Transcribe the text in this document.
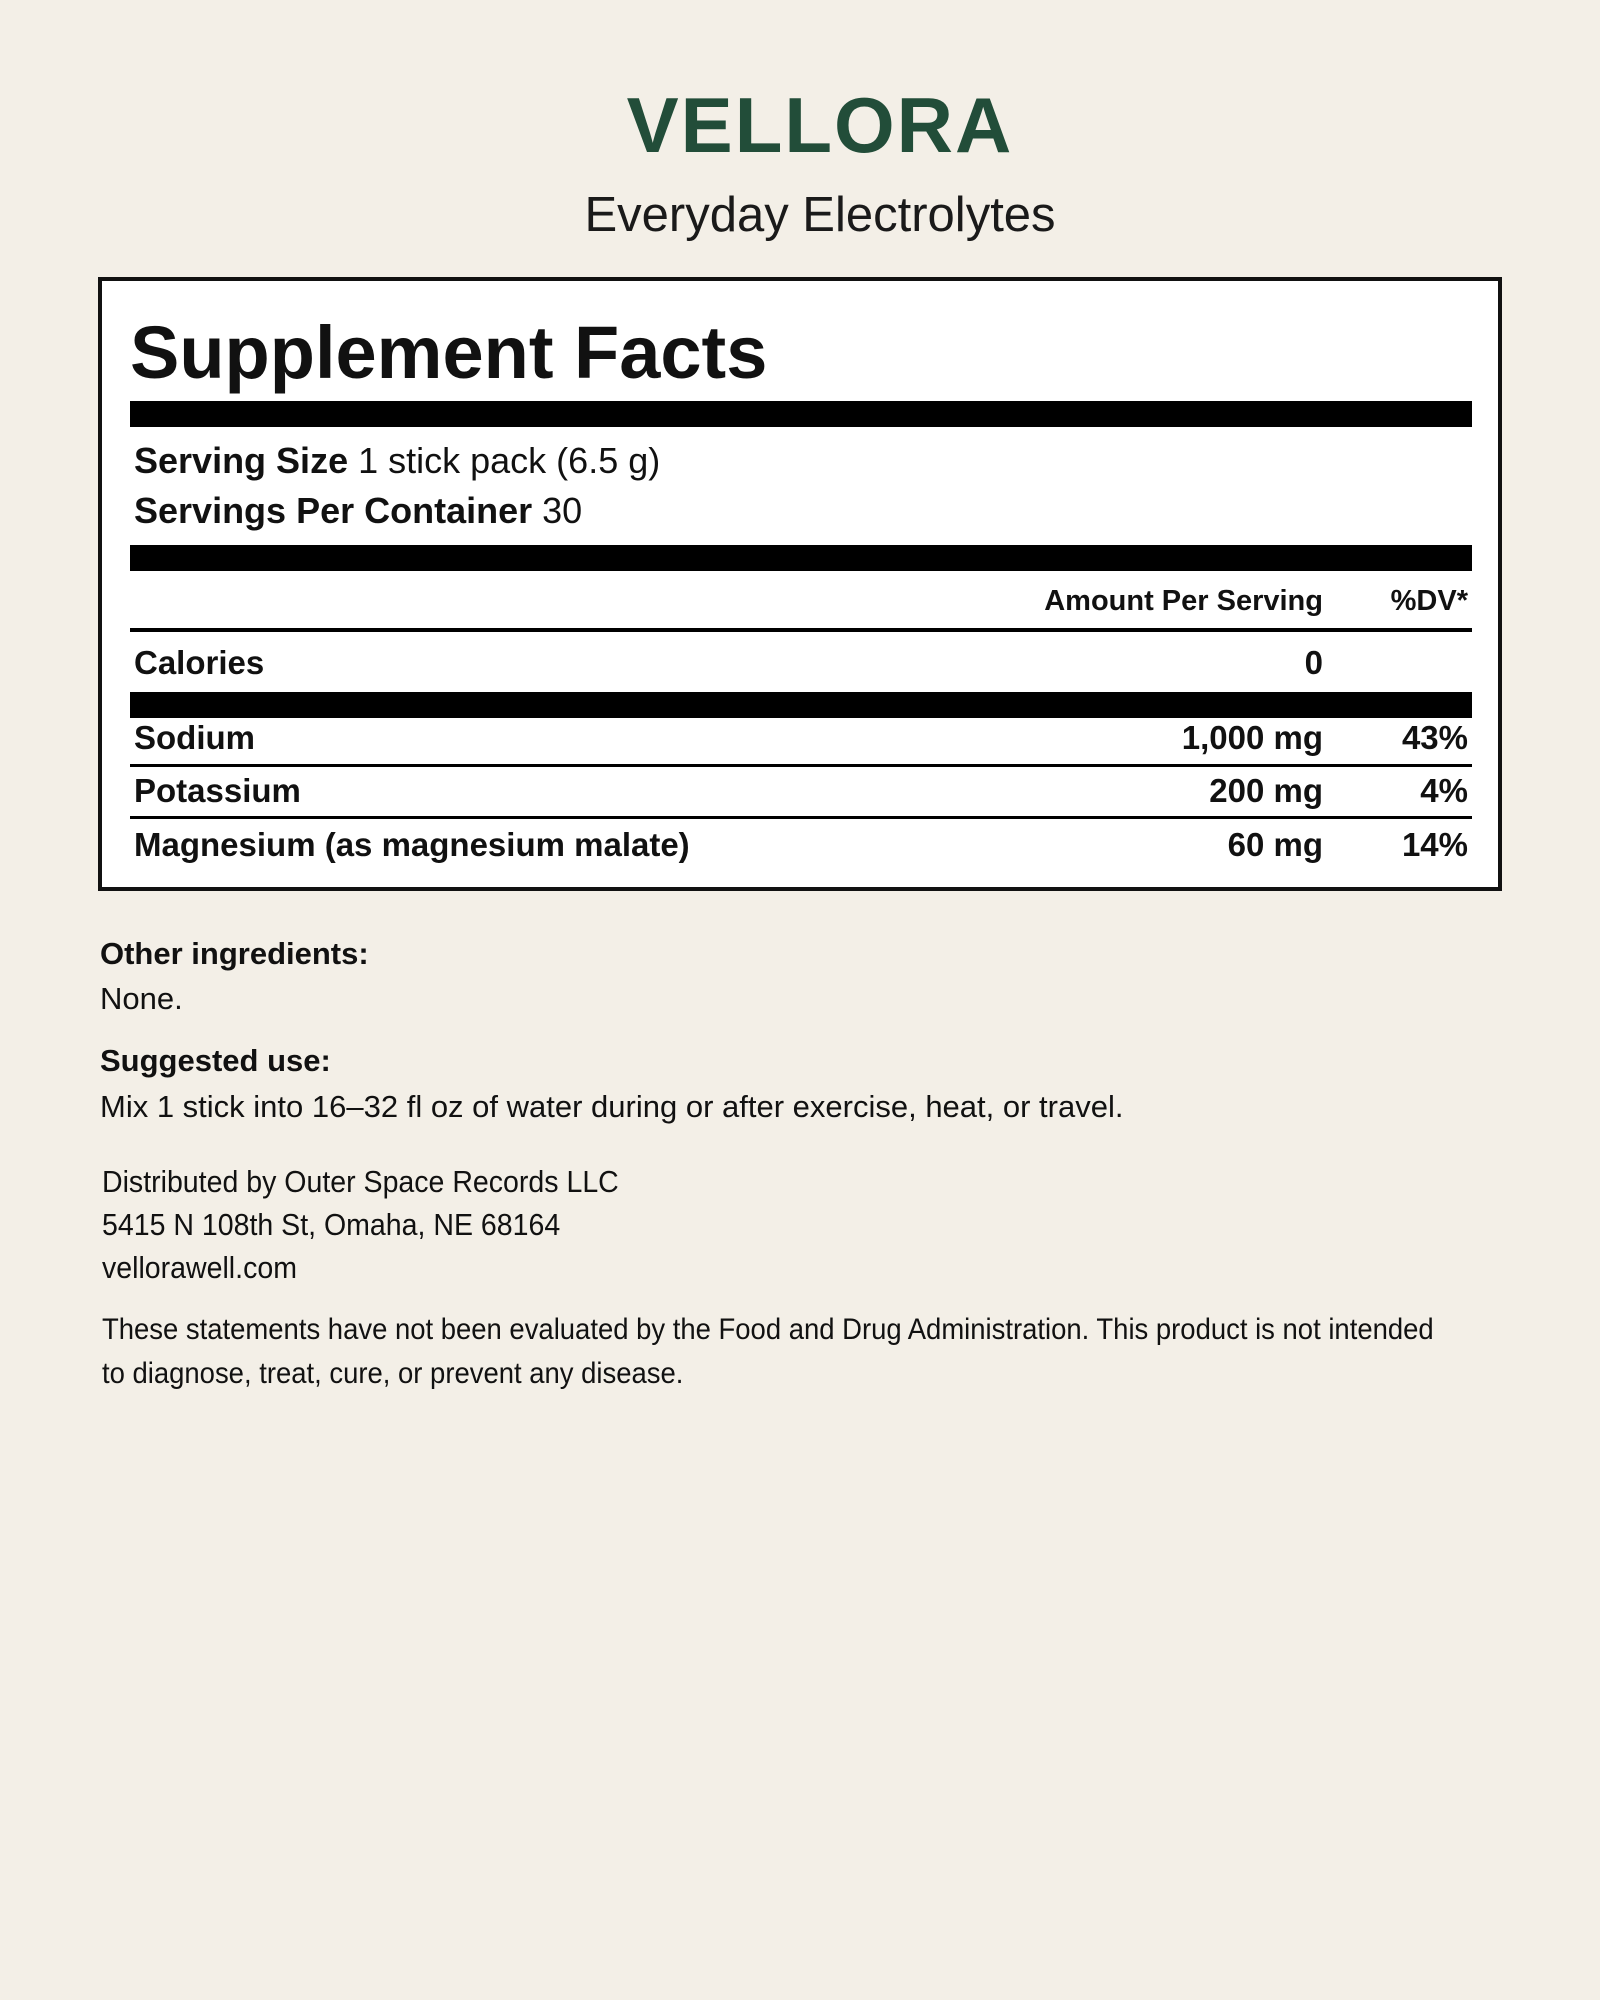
VELLORA
Everyday Electrolytes
Supplement Facts
Serving Size 1 stick pack (6.5 g)
Servings Per Container 30
Amount Per Serving %DV*
Calories	0
Sodium	1,000 mg 43%
Potassium	200 mg	4%
Magnesium (as magnesium malate)	60 mg 14%
Other ingredients:
None.
Suggested use:
Mix 1 stick into 16–32 fl oz of water during or after exercise, heat, or travel.
Distributed by Outer Space Records LLC
5415 N 108th St, Omaha, NE 68164
vellorawell.com
These statements have not been evaluated by the Food and Drug Administration. This product is not intended to diagnose, treat, cure, or prevent any disease.
